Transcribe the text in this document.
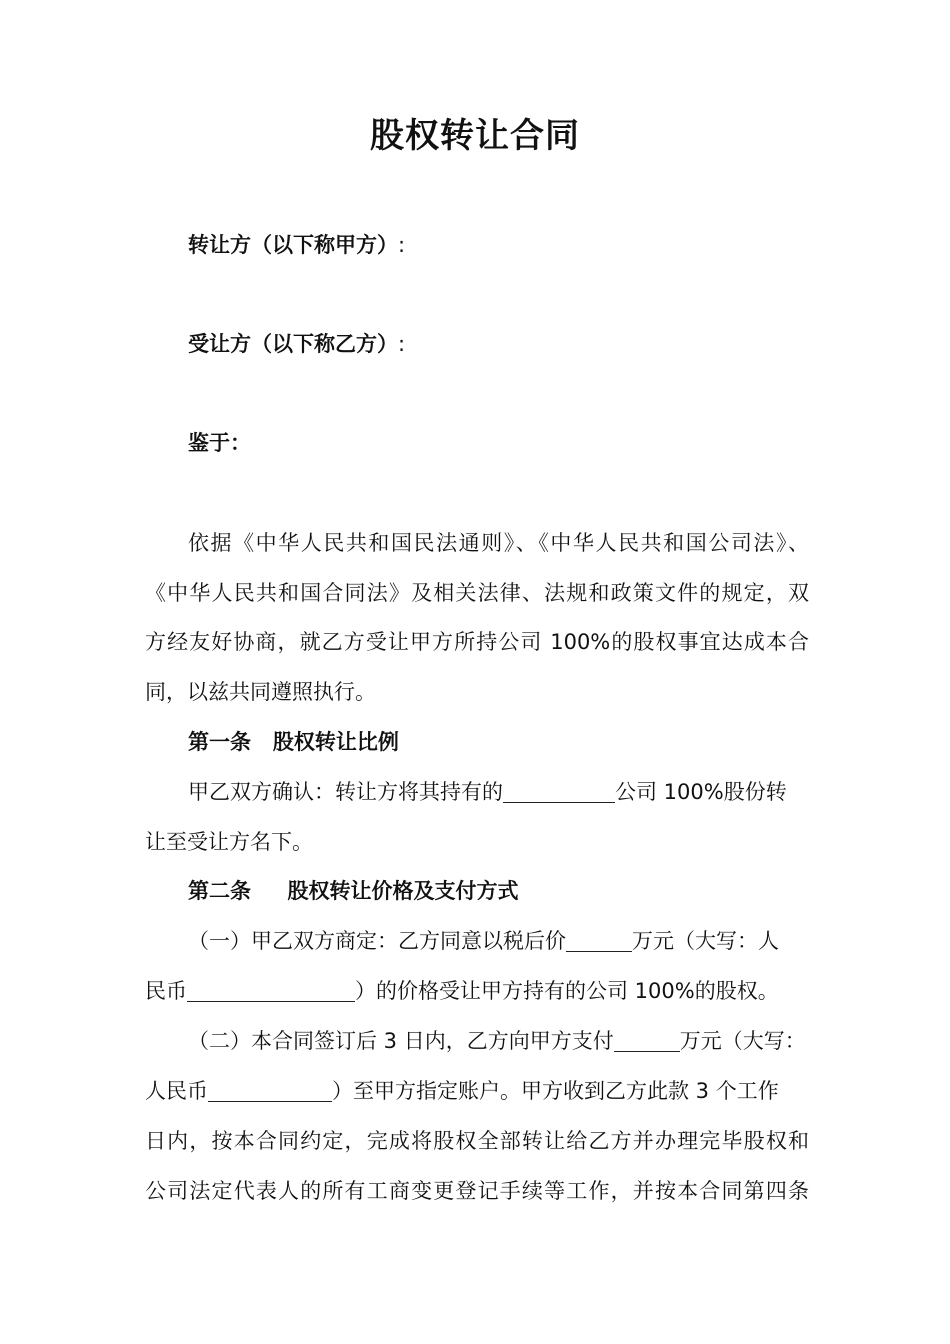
股权转让合同
转让方（以下称甲方）:
受让方（以下称乙方）:
鉴于：
依据《中华人民共和国民法通则》、《中华人民共和国公司法》、
《中华人民共和国合同法》及相关法律、法规和政策文件的规定，双
方经友好协商，就乙方受让甲方所持公司 100%的股权事宜达成本合
同，以兹共同遵照执行。
第一条   股权转让比例
甲乙双方确认：转让方将其持有的	公司 100%股份转
让至受让方名下。
第二条     股权转让价格及支付方式
（一）甲乙双方商定：乙方同意以税后价	万元（大写：人
民币	）的价格受让甲方持有的公司 100%的股权。
（二）本合同签订后 3 日内，乙方向甲方支付	万元（大写：
人民币	）至甲方指定账户。甲方收到乙方此款 3 个工作
日内，按本合同约定，完成将股权全部转让给乙方并办理完毕股权和
公司法定代表人的所有工商变更登记手续等工作，并按本合同第四条
